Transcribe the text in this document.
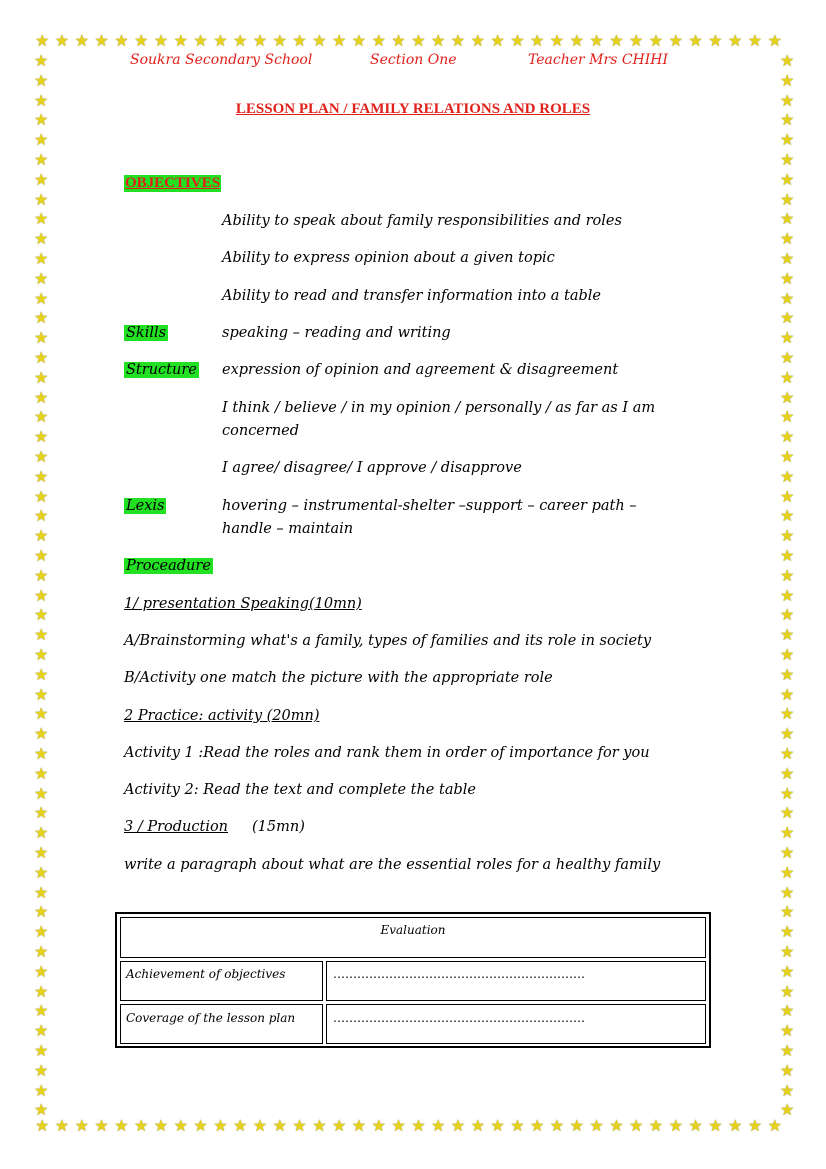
★
★
★
★
★
★
★
★
★
★
★
★
★
★
★
★
★
★
★
★
★
★
★
★
★
★
★
★
★
★
★
★
★
★
★
★
★
★
★
★
★
★
★
★
★
★
★
★
★
★
★
★
★
★
★
★
★
★
★
★
★
★
★
★
★
★
★
★
★
★
★
★
★
★
★
★
★	★
★	★
★	★
★	★
★	★
★	★
★	★
★	★
★	★
★	★
★	★
★	★
★	★
★	★
★	★
★	★
★	★
★	★
★	★
★	★
★	★
★	★
★	★
★	★
★	★
★	★
★	★
★	★
★	★
★	★
★	★
★	★
★	★
★	★
★	★
★	★
★	★
★	★
★	★
★	★
★	★
★	★
★	★
★	★
★	★
★	★
★	★
★	★
★	★
★	★
★	★
★	★
★	★
★	★
Soukra Secondary School	Section One	Teacher Mrs CHIHI
LESSON PLAN / FAMILY RELATIONS AND ROLES
OBJECTIVES
Ability to speak about family responsibilities and roles
Ability to express opinion about a given topic
Ability to read and transfer information into a table
Skills	speaking – reading and writing
Structure expression of opinion and agreement & disagreement
I think / believe / in my opinion / personally / as far as I am
concerned
I agree/ disagree/ I approve / disapprove
Lexis	hovering – instrumental-shelter –support – career path –
handle – maintain
Proceadure
1/ presentation Speaking(10mn)
A/Brainstorming what's a family, types of families and its role in society
B/Activity one match the picture with the appropriate role
2 Practice: activity (20mn)
Activity 1 :Read the roles and rank them in order of importance for you
Activity 2: Read the text and complete the table
3 / Production (15mn)
write a paragraph about what are the essential roles for a healthy family
Evaluation
Achievement of objectives	………………………………………………………
Coverage of the lesson plan	………………………………………………………
